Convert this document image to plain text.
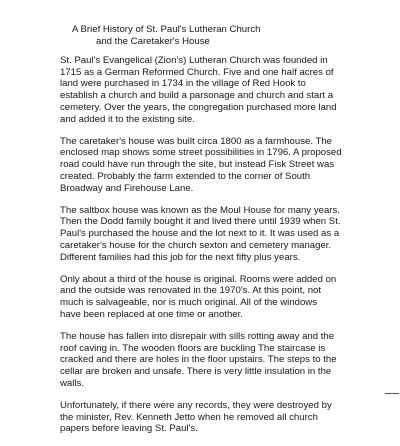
A Brief History of St. Paul's Lutheran Church
and the Caretaker's House
St. Paul's Evangelical (Zion's) Lutheran Church was founded in
1715 as a German Reformed Church. Five and one half acres of
land were purchased in 1734 in the village of Red Hook to
establish a church and build a parsonage and church and start a
cemetery. Over the years, the congregation purchased more land
and added it to the existing site.
The caretaker's house was built circa 1800 as a farmhouse. The
enclosed map shows some street possibilities in 1796. A proposed
road could have run through the site, but instead Fisk Street was
created. Probably the farm extended to the corner of South
Broadway and Firehouse Lane.
The saltbox house was known as the Moul House for many years.
Then the Dodd family bought it and lived there until 1939 when St.
Paul's purchased the house and the lot next to it. It was used as a
caretaker's house for the church sexton and cemetery manager.
Different families had this job for the next fifty plus years.
Only about a third of the house is original. Rooms were added on
and the outside was renovated in the 1970's. At this point, not
much is salvageable, nor is much original. All of the windows
have been replaced at one time or another.
The house has fallen into disrepair with sills rotting away and the
roof caving in. The wooden floors are buckling The staircase is
cracked and there are holes in the floor upstairs. The steps to the
cellar are broken and unsafe. There is very little insulation in the
walls.
Unfortunately, if there were any records, they were destroyed by
the minister, Rev. Kenneth Jetto when he removed all church
papers before leaving St. Paul's.
